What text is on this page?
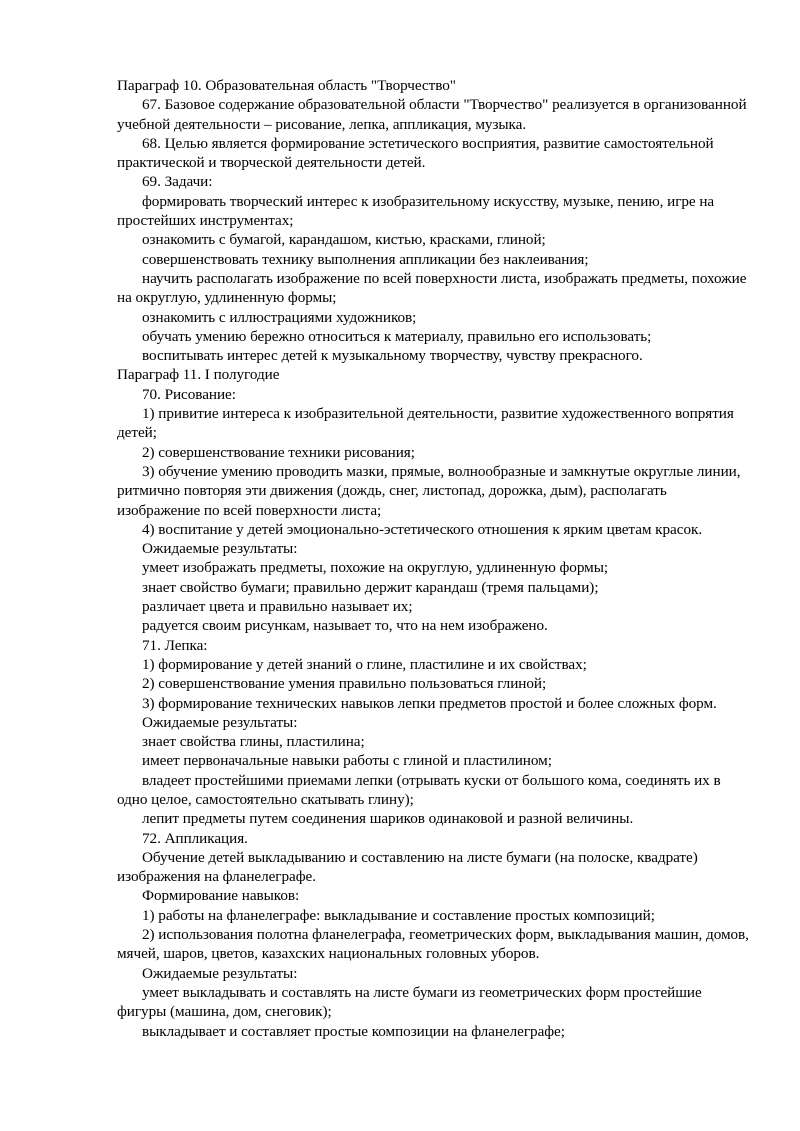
Параграф 10. Образовательная область "Творчество"

67. Базовое содержание образовательной области "Творчество" реализуется в организованной учебной деятельности – рисование, лепка, аппликация, музыка.

68. Целью является формирование эстетического восприятия, развитие самостоятельной практической и творческой деятельности детей.

69. Задачи:

формировать творческий интерес к изобразительному искусству, музыке, пению, игре на простейших инструментах;

ознакомить с бумагой, карандашом, кистью, красками, глиной;

совершенствовать технику выполнения аппликации без наклеивания;

научить располагать изображение по всей поверхности листа, изображать предметы, похожие на округлую, удлиненную формы;

ознакомить с иллюстрациями художников;

обучать умению бережно относиться к материалу, правильно его использовать;

воспитывать интерес детей к музыкальному творчеству, чувству прекрасного.

Параграф 11. I полугодие

70. Рисование:

1) привитие интереса к изобразительной деятельности, развитие художественного вопрятия детей;

2) совершенствование техники рисования;

3) обучение умению проводить мазки, прямые, волнообразные и замкнутые округлые линии, ритмично повторяя эти движения (дождь, снег, листопад, дорожка, дым), располагать изображение по всей поверхности листа;

4) воспитание у детей эмоционально-эстетического отношения к ярким цветам красок.

Ожидаемые результаты:

умеет изображать предметы, похожие на округлую, удлиненную формы;

знает свойство бумаги; правильно держит карандаш (тремя пальцами);

различает цвета и правильно называет их;

радуется своим рисункам, называет то, что на нем изображено.

71. Лепка:

1) формирование у детей знаний о глине, пластилине и их свойствах;

2) совершенствование умения правильно пользоваться глиной;

3) формирование технических навыков лепки предметов простой и более сложных форм.

Ожидаемые результаты:

знает свойства глины, пластилина;

имеет первоначальные навыки работы с глиной и пластилином;

владеет простейшими приемами лепки (отрывать куски от большого кома, соединять их в одно целое, самостоятельно скатывать глину);

лепит предметы путем соединения шариков одинаковой и разной величины.

72. Аппликация.

Обучение детей выкладыванию и составлению на листе бумаги (на полоске, квадрате) изображения на фланелеграфе.

Формирование навыков:

1) работы на фланелеграфе: выкладывание и составление простых композиций;

2) использования полотна фланелеграфа, геометрических форм, выкладывания машин, домов, мячей, шаров, цветов, казахских национальных головных уборов.

Ожидаемые результаты:

умеет выкладывать и составлять на листе бумаги из геометрических форм простейшие фигуры (машина, дом, снеговик);

выкладывает и составляет простые композиции на фланелеграфе;
